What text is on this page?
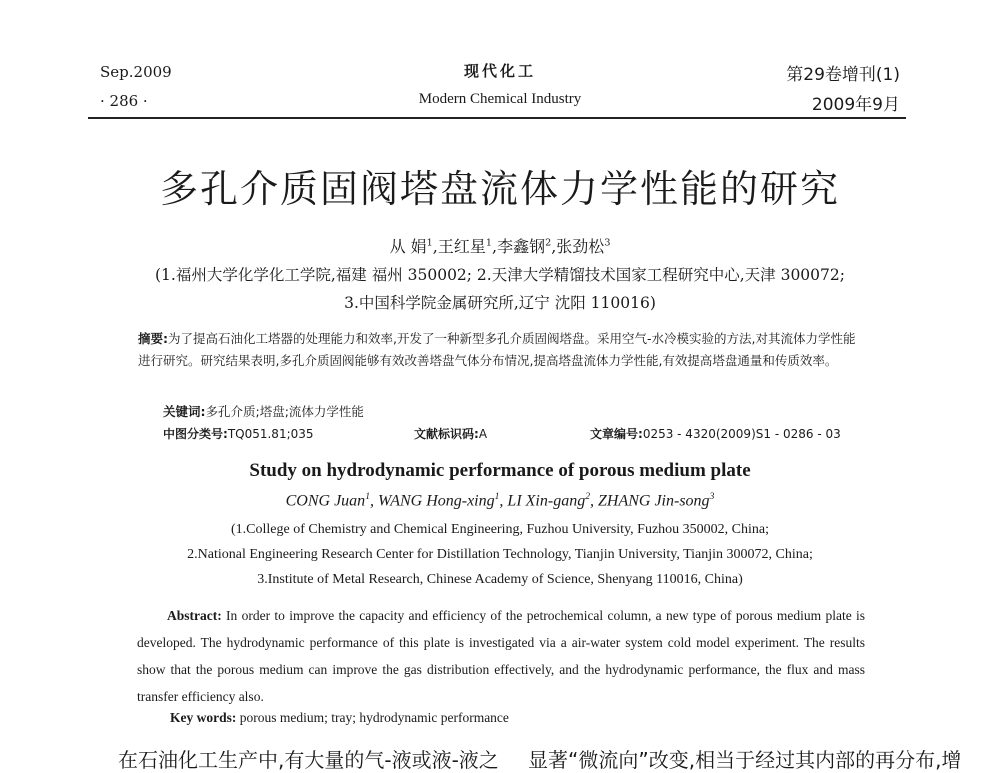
Sep.2009
· 286 ·
现代化工
Modern Chemical Industry
第29卷增刊(1)
2009年9月
多孔介质固阀塔盘流体力学性能的研究
从 娟$^1$,王红星$^1$,李鑫钢$^2$,张劲松$^3$
(1.福州大学化学化工学院,福建 福州 350002; 2.天津大学精馏技术国家工程研究中心,天津 300072;
3.中国科学院金属研究所,辽宁 沈阳 110016)
摘要:为了提高石油化工塔器的处理能力和效率,开发了一种新型多孔介质固阀塔盘。采用空气-水冷模实验的方法,对其流体力学性能进行研究。研究结果表明,多孔介质固阀能够有效改善塔盘气体分布情况,提高塔盘流体力学性能,有效提高塔盘通量和传质效率。
关键词:多孔介质;塔盘;流体力学性能
中图分类号:TQ051.81;035	文献标识码:A	文章编号:0253 - 4320(2009)S1 - 0286 - 03
Study on hydrodynamic performance of porous medium plate
CONG Juan$^1$, WANG Hong-xing$^1$, LI Xin-gang$^2$, ZHANG Jin-song$^3$
(1.College of Chemistry and Chemical Engineering, Fuzhou University, Fuzhou 350002, China;
2.National Engineering Research Center for Distillation Technology, Tianjin University, Tianjin 300072, China;
3.Institute of Metal Research, Chinese Academy of Science, Shenyang 110016, China)
Abstract: In order to improve the capacity and efficiency of the petrochemical column, a new type of porous medium plate is developed. The hydrodynamic performance of this plate is investigated via a air-water system cold model experiment. The results show that the porous medium can improve the gas distribution effectively, and the hydrodynamic performance, the flux and mass transfer efficiency also.
Key words: porous medium; tray; hydrodynamic performance
在石油化工生产中,有大量的气-液或液-液之 显著“微流向”改变,相当于经过其内部的再分布,增
